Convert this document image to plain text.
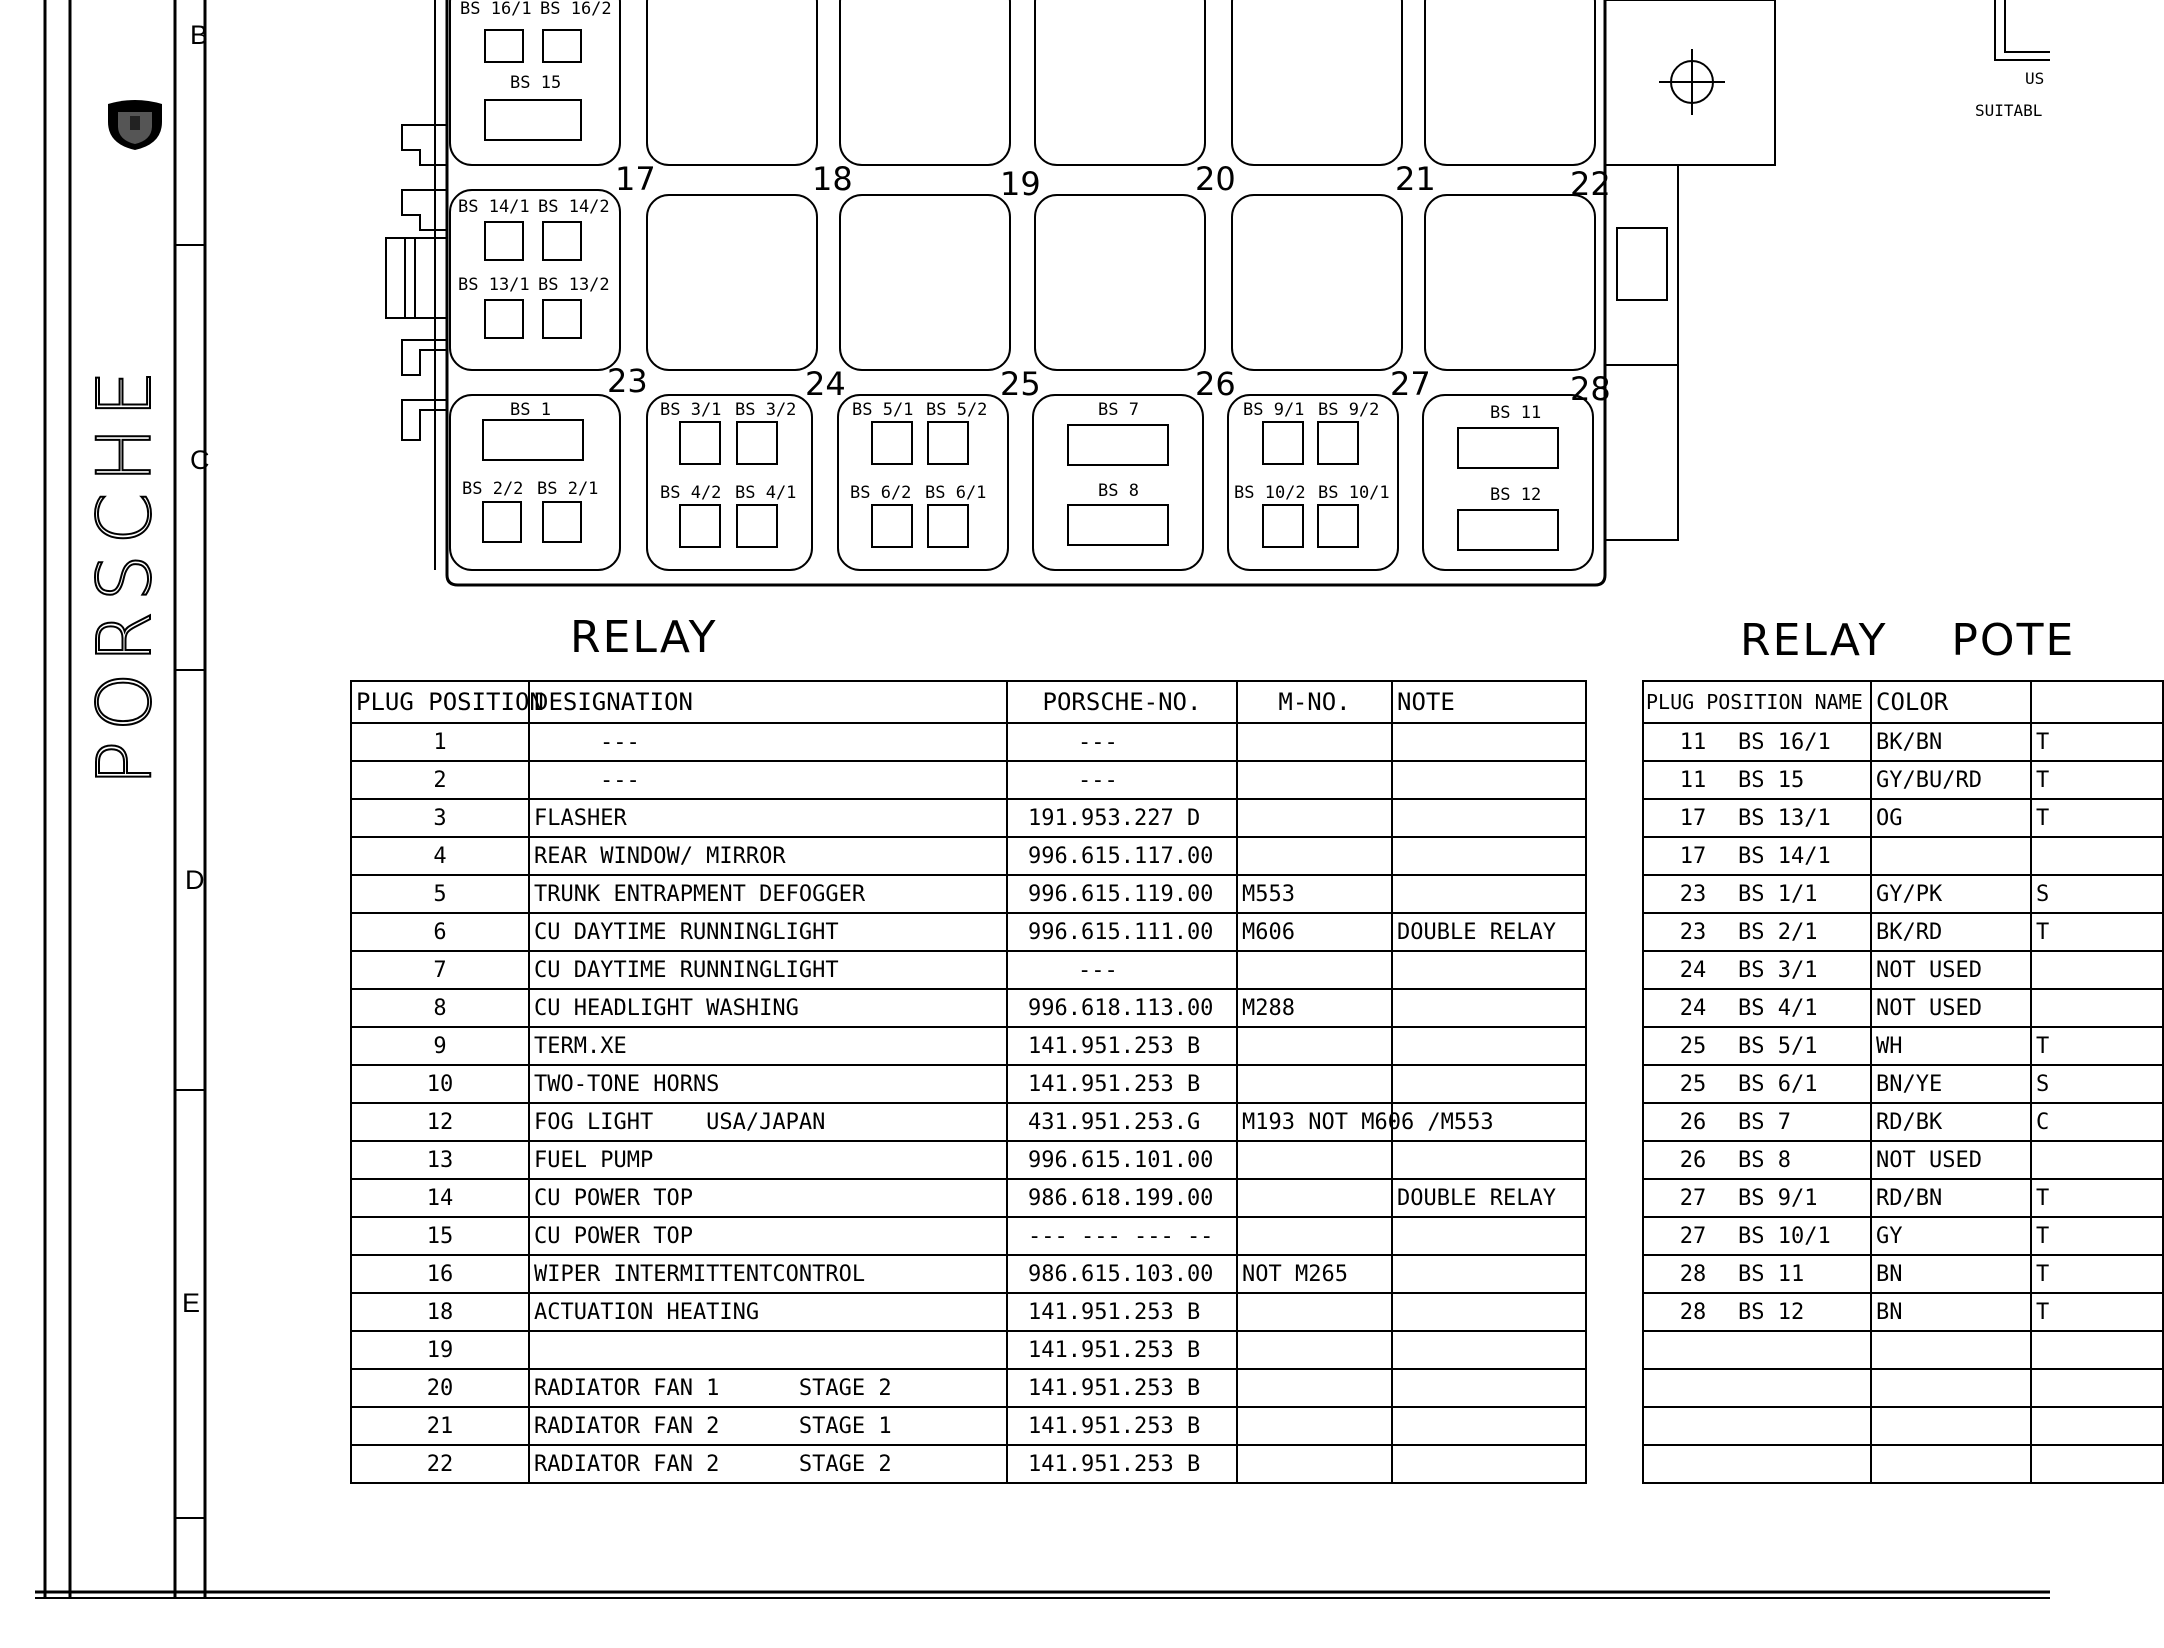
B
C
D
E
PORSCHE
BS 16/1 BS 16/2
BS 15
BS 14/1 BS 14/2
BS 13/1 BS 13/2
BS 1
BS 2/2 BS 2/1
BS 3/1 BS 3/2
BS 4/2 BS 4/1
BS 5/1 BS 5/2
BS 6/2 BS 6/1
BS 7
BS 8
BS 9/1 BS 9/2
BS 10/2 BS 10/1
BS 11
BS 12
17	18	19	20	21	22
23	24	25	26	27	28
US
SUITABL
RELAY
PLUG POSITION	DESIGNATION	PORSCHE-NO.	M-NO.	NOTE
1	---	---		
2	---	---		
3	FLASHER	191.953.227 D		
4	REAR WINDOW/ MIRROR	996.615.117.00		
5	TRUNK ENTRAPMENT DEFOGGER	996.615.119.00	M553	
6	CU DAYTIME RUNNINGLIGHT	996.615.111.00	M606	DOUBLE RELAY
7	CU DAYTIME RUNNINGLIGHT	---		
8	CU HEADLIGHT WASHING	996.618.113.00	M288	
9	TERM.XE	141.951.253 B		
10	TWO-TONE HORNS	141.951.253 B		
12	FOG LIGHT    USA/JAPAN	431.951.253.G	M193 NOT M606 /M553	
13	FUEL PUMP	996.615.101.00		
14	CU POWER TOP	986.618.199.00		DOUBLE RELAY
15	CU POWER TOP	--- --- --- --		
16	WIPER INTERMITTENTCONTROL	986.615.103.00	NOT M265	
18	ACTUATION HEATING	141.951.253 B		
19		141.951.253 B		
20	RADIATOR FAN 1      STAGE 2	141.951.253 B		
21	RADIATOR FAN 2      STAGE 1	141.951.253 B		
22	RADIATOR FAN 2      STAGE 2	141.951.253 B		
RELAY    POTE
PLUG POSITION NAME	COLOR	
11 BS 16/1	BK/BN	T
11 BS 15	GY/BU/RD	T
17 BS 13/1	OG	T
17 BS 14/1		
23 BS 1/1	GY/PK	S
23 BS 2/1	BK/RD	T
24 BS 3/1	NOT USED	
24 BS 4/1	NOT USED	
25 BS 5/1	WH	T
25 BS 6/1	BN/YE	S
26 BS 7	RD/BK	C
26 BS 8	NOT USED	
27 BS 9/1	RD/BN	T
27 BS 10/1	GY	T
28 BS 11	BN	T
28 BS 12	BN	T
